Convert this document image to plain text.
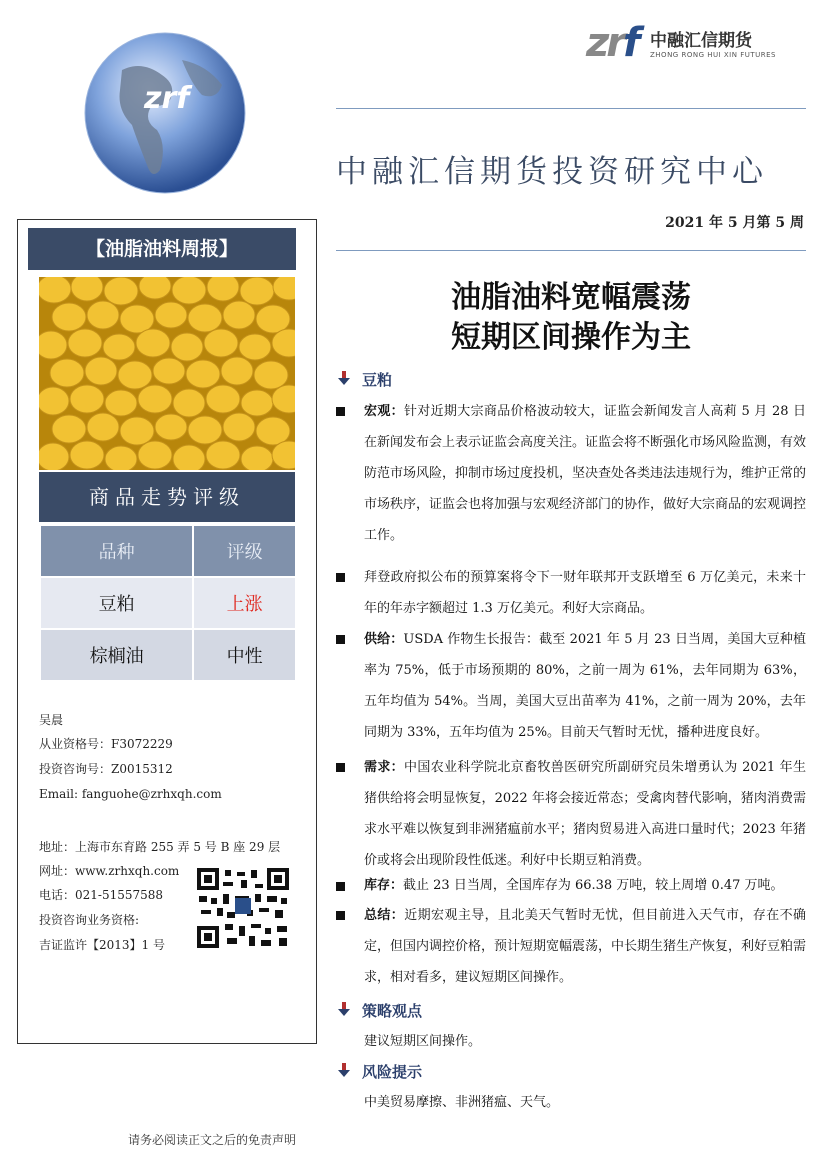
zrf
zrf 中融汇信期货
ZHONG RONG HUI XIN FUTURES
中融汇信期货投资研究中心
2021 年 5 月第 5 周
【油脂油料周报】
商品走势评级
品种	评级
豆粕	上涨
棕榈油	中性
吴晨
从业资格号：F3072229
投资咨询号：Z0015312
Email: fanguohe@zrhxqh.com
地址：上海市东育路 255 弄 5 号 B 座 29 层
网址：www.zrhxqh.com
电话：021-51557588
投资咨询业务资格:
吉证监许【2013】1 号
油脂油料宽幅震荡
短期区间操作为主
豆粕
宏观：针对近期大宗商品价格波动较大，证监会新闻发言人高莉 5 月 28 日在新闻发布会上表示证监会高度关注。证监会将不断强化市场风险监测，有效防范市场风险，抑制市场过度投机，坚决查处各类违法违规行为，维护正常的市场秩序，证监会也将加强与宏观经济部门的协作，做好大宗商品的宏观调控工作。
拜登政府拟公布的预算案将令下一财年联邦开支跃增至 6 万亿美元，未来十年的年赤字额超过 1.3 万亿美元。利好大宗商品。
供给：USDA 作物生长报告：截至 2021 年 5 月 23 日当周，美国大豆种植率为 75%，低于市场预期的 80%，之前一周为 61%，去年同期为 63%，五年均值为 54%。当周，美国大豆出苗率为 41%，之前一周为 20%，去年同期为 33%，五年均值为 25%。目前天气暂时无忧，播种进度良好。
需求：中国农业科学院北京畜牧兽医研究所副研究员朱增勇认为 2021 年生猪供给将会明显恢复，2022 年将会接近常态；受禽肉替代影响，猪肉消费需求水平难以恢复到非洲猪瘟前水平；猪肉贸易进入高进口量时代；2023 年猪价或将会出现阶段性低迷。利好中长期豆粕消费。
库存：截止 23 日当周，全国库存为 66.38 万吨，较上周增 0.47 万吨。
总结：近期宏观主导，且北美天气暂时无忧，但目前进入天气市，存在不确定，但国内调控价格，预计短期宽幅震荡，中长期生猪生产恢复，利好豆粕需求，相对看多，建议短期区间操作。
策略观点
建议短期区间操作。
风险提示
中美贸易摩擦、非洲猪瘟、天气。
请务必阅读正文之后的免责声明
